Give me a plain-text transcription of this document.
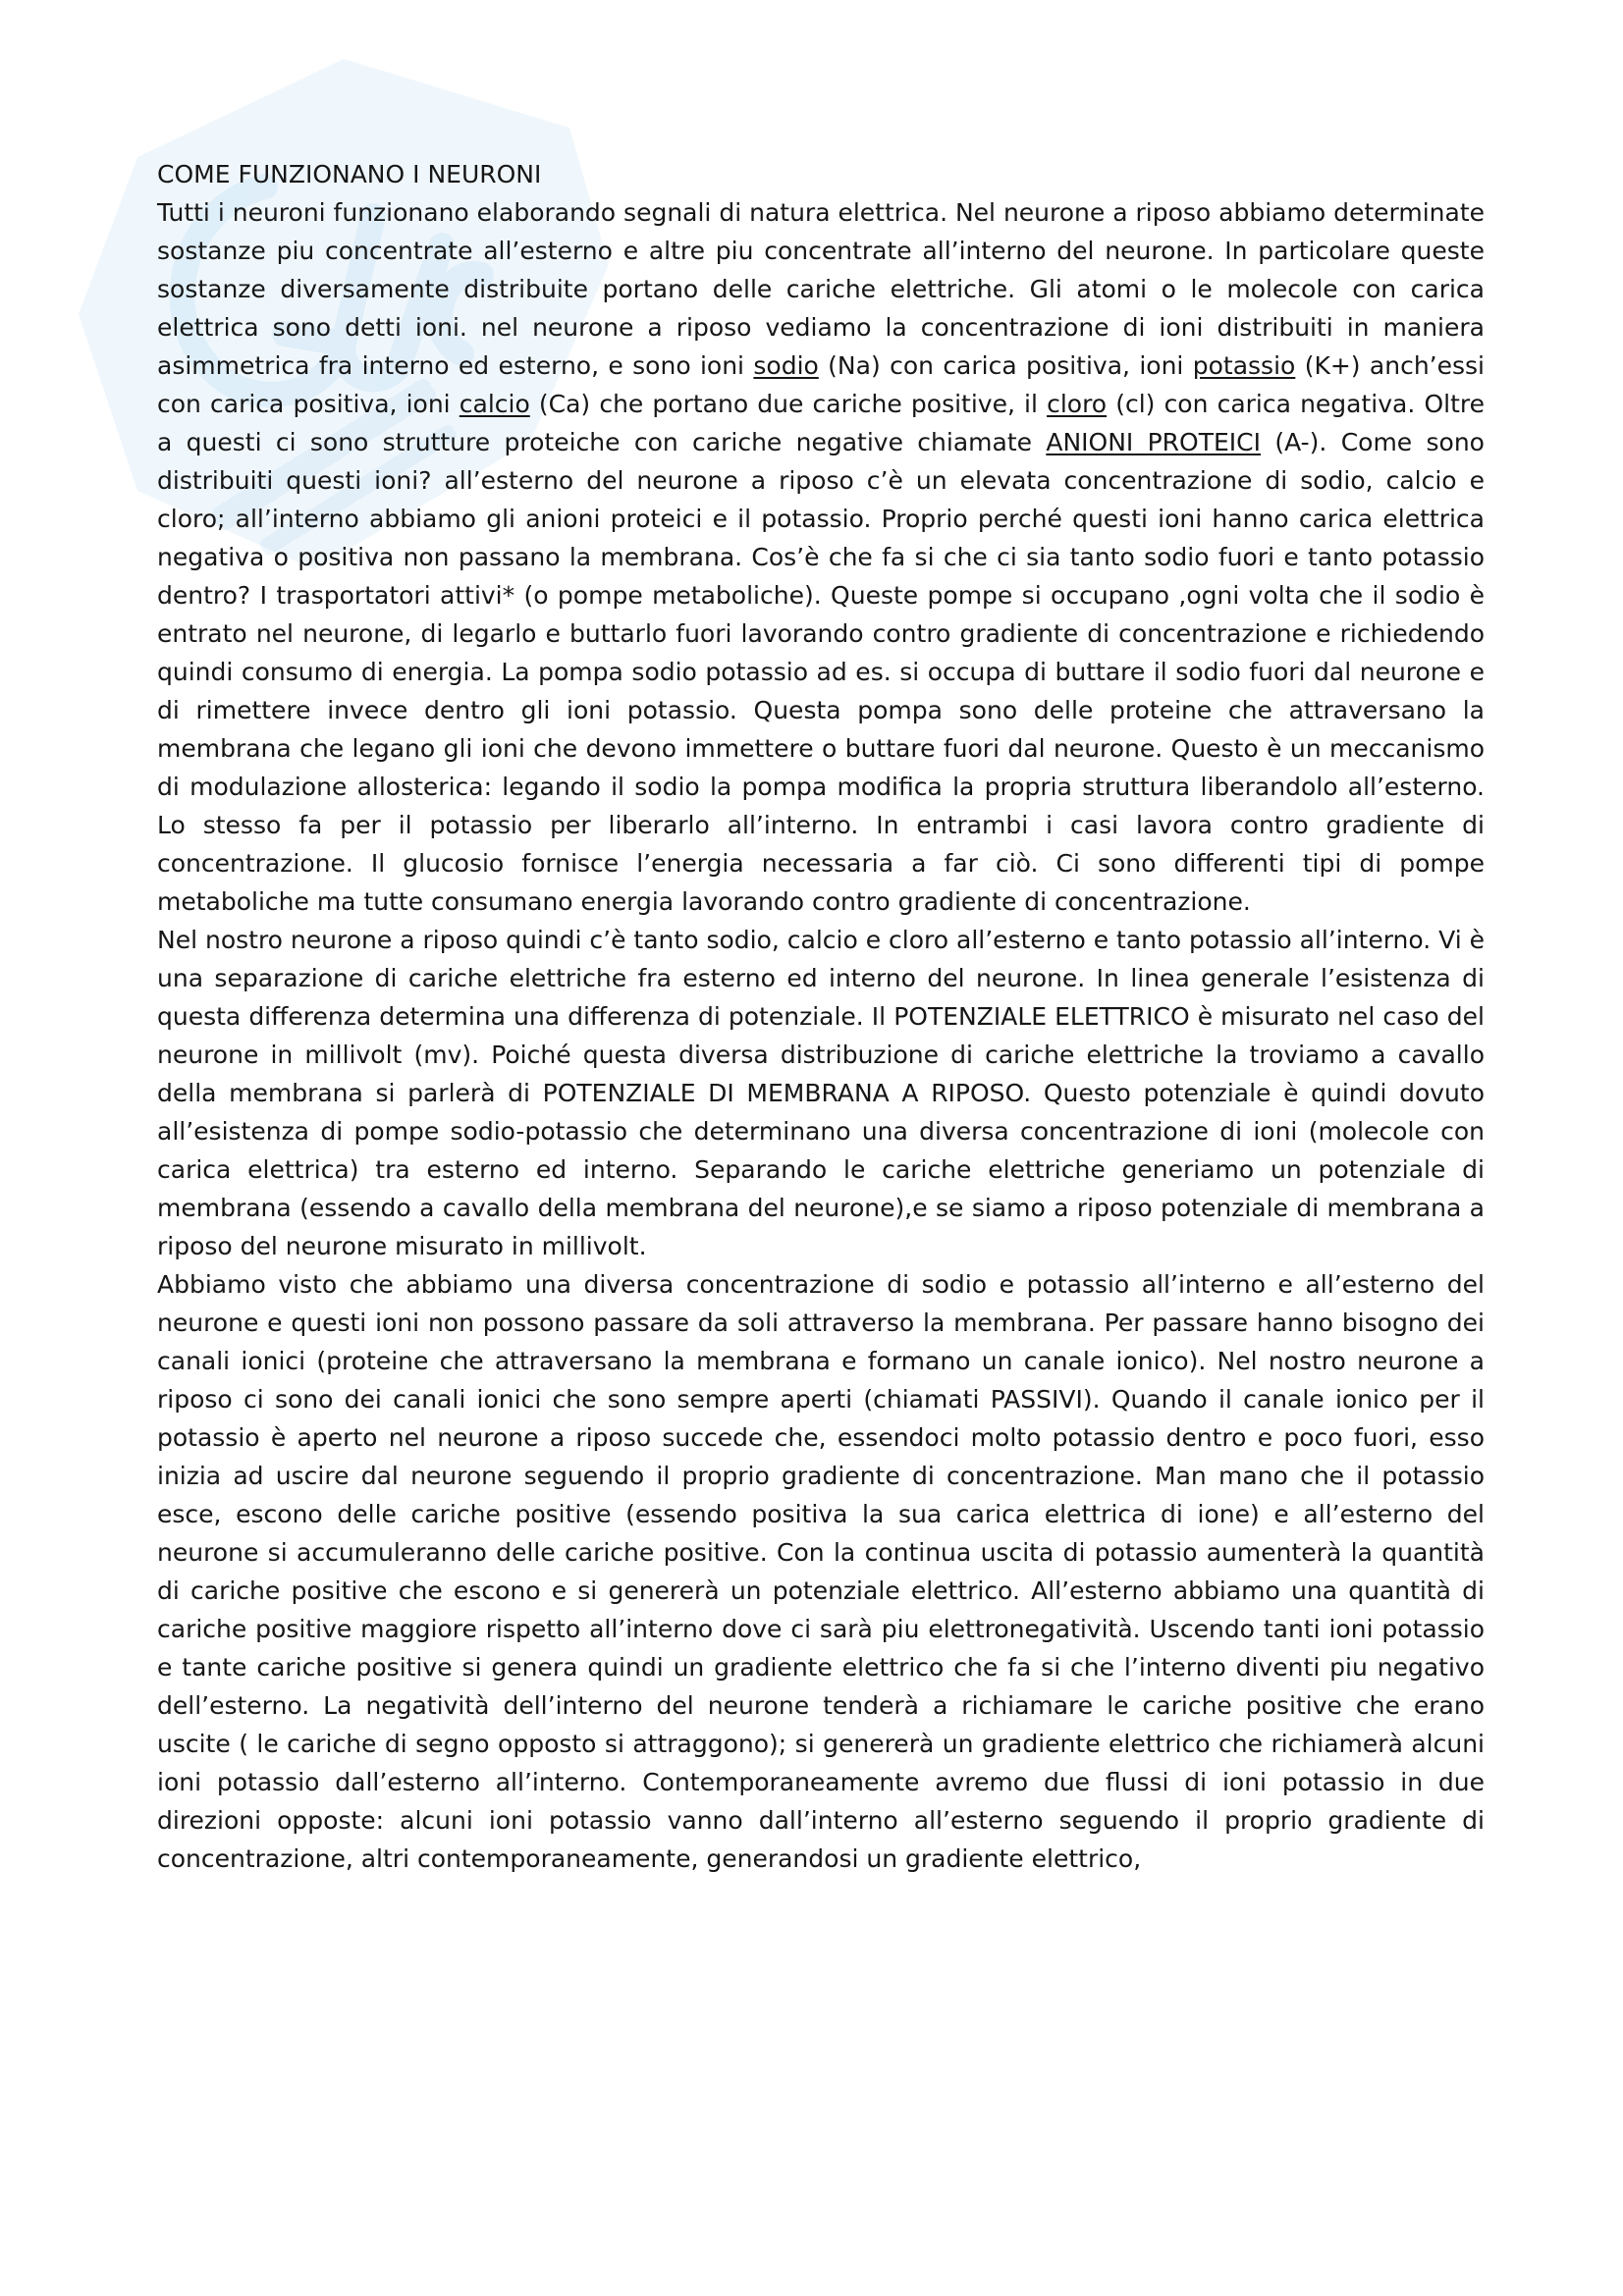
COME FUNZIONANO I NEURONI

Tutti i neuroni funzionano elaborando segnali di natura elettrica. Nel neurone a riposo abbiamo determinate sostanze piu concentrate all’esterno e altre piu concentrate all’interno del neurone. In particolare queste sostanze diversamente distribuite portano delle cariche elettriche. Gli atomi o le molecole con carica elettrica sono detti ioni. nel neurone a riposo vediamo la concentrazione di ioni distribuiti in maniera asimmetrica fra interno ed esterno, e sono ioni sodio (Na) con carica positiva, ioni potassio (K+) anch’essi con carica positiva, ioni calcio (Ca) che portano due cariche positive, il cloro (cl) con carica negativa. Oltre a questi ci sono strutture proteiche con cariche negative chiamate ANIONI PROTEICI (A-). Come sono distribuiti questi ioni? all’esterno del neurone a riposo c’è un elevata concentrazione di sodio, calcio e cloro; all’interno abbiamo gli anioni proteici e il potassio. Proprio perché questi ioni hanno carica elettrica negativa o positiva non passano la membrana. Cos’è che fa si che ci sia tanto sodio fuori e tanto potassio dentro? I trasportatori attivi* (o pompe metaboliche). Queste pompe si occupano ,ogni volta che il sodio è entrato nel neurone, di legarlo e buttarlo fuori lavorando contro gradiente di concentrazione e richiedendo quindi consumo di energia. La pompa sodio potassio ad es. si occupa di buttare il sodio fuori dal neurone e di rimettere invece dentro gli ioni potassio. Questa pompa sono delle proteine che attraversano la membrana che legano gli ioni che devono immettere o buttare fuori dal neurone. Questo è un meccanismo di modulazione allosterica: legando il sodio la pompa modifica la propria struttura liberandolo all’esterno. Lo stesso fa per il potassio per liberarlo all’interno. In entrambi i casi lavora contro gradiente di concentrazione. Il glucosio fornisce l’energia necessaria a far ciò. Ci sono differenti tipi di pompe metaboliche ma tutte consumano energia lavorando contro gradiente di concentrazione.

Nel nostro neurone a riposo quindi c’è tanto sodio, calcio e cloro all’esterno e tanto potassio all’interno. Vi è una separazione di cariche elettriche fra esterno ed interno del neurone. In linea generale l’esistenza di questa differenza determina una differenza di potenziale. Il POTENZIALE ELETTRICO è misurato nel caso del neurone in millivolt (mv). Poiché questa diversa distribuzione di cariche elettriche la troviamo a cavallo della membrana si parlerà di POTENZIALE DI MEMBRANA A RIPOSO. Questo potenziale è quindi dovuto all’esistenza di pompe sodio-potassio che determinano una diversa concentrazione di ioni (molecole con carica elettrica) tra esterno ed interno. Separando le cariche elettriche generiamo un potenziale di membrana (essendo a cavallo della membrana del neurone),e se siamo a riposo potenziale di membrana a riposo del neurone misurato in millivolt.

Abbiamo visto che abbiamo una diversa concentrazione di sodio e potassio all’interno e all’esterno del neurone e questi ioni non possono passare da soli attraverso la membrana. Per passare hanno bisogno dei canali ionici (proteine che attraversano la membrana e formano un canale ionico). Nel nostro neurone a riposo ci sono dei canali ionici che sono sempre aperti (chiamati PASSIVI). Quando il canale ionico per il potassio è aperto nel neurone a riposo succede che, essendoci molto potassio dentro e poco fuori, esso inizia ad uscire dal neurone seguendo il proprio gradiente di concentrazione. Man mano che il potassio esce, escono delle cariche positive (essendo positiva la sua carica elettrica di ione) e all’esterno del neurone si accumuleranno delle cariche positive. Con la continua uscita di potassio aumenterà la quantità di cariche positive che escono e si genererà un potenziale elettrico. All’esterno abbiamo una quantità di cariche positive maggiore rispetto all’interno dove ci sarà piu elettronegatività. Uscendo tanti ioni potassio e tante cariche positive si genera quindi un gradiente elettrico che fa si che l’interno diventi piu negativo dell’esterno. La negatività dell’interno del neurone tenderà a richiamare le cariche positive che erano uscite ( le cariche di segno opposto si attraggono); si genererà un gradiente elettrico che richiamerà alcuni ioni potassio dall’esterno all’interno. Contemporaneamente avremo due flussi di ioni potassio in due direzioni opposte: alcuni ioni potassio vanno dall’interno all’esterno seguendo il proprio gradiente di concentrazione, altri contemporaneamente, generandosi un gradiente elettrico,
